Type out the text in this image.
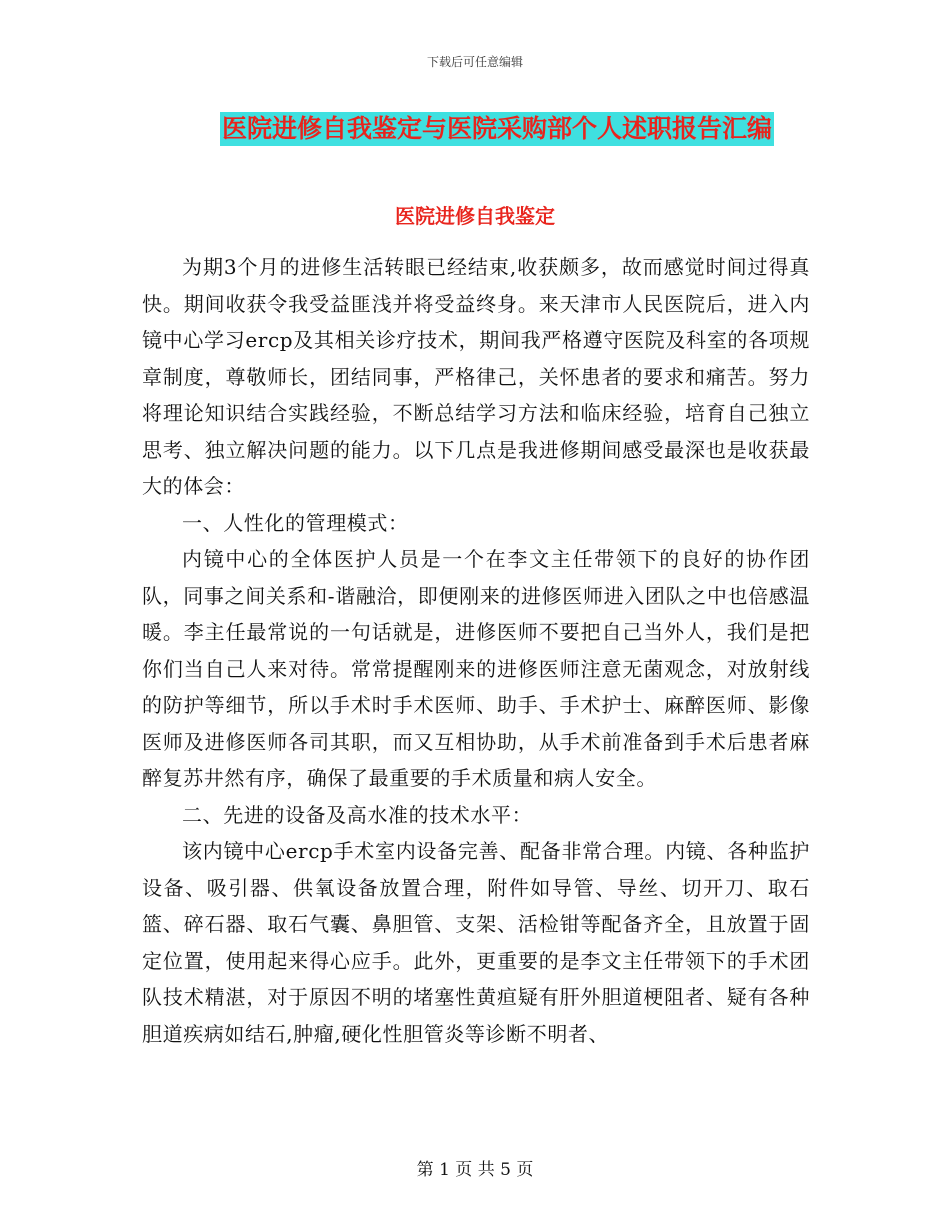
下载后可任意编辑
医院进修自我鉴定与医院采购部个人述职报告汇编
医院进修自我鉴定

为期3个月的进修生活转眼已经结束,收获颇多，故而感觉时间过得真快。期间收获令我受益匪浅并将受益终身。来天津市人民医院后，进入内镜中心学习ercp及其相关诊疗技术，期间我严格遵守医院及科室的各项规章制度，尊敬师长，团结同事，严格律己，关怀患者的要求和痛苦。努力将理论知识结合实践经验，不断总结学习方法和临床经验，培育自己独立思考、独立解决问题的能力。以下几点是我进修期间感受最深也是收获最大的体会：

一、人性化的管理模式：

内镜中心的全体医护人员是一个在李文主任带领下的良好的协作团队，同事之间关系和-谐融洽，即便刚来的进修医师进入团队之中也倍感温暖。李主任最常说的一句话就是，进修医师不要把自己当外人，我们是把你们当自己人来对待。常常提醒刚来的进修医师注意无菌观念，对放射线的防护等细节，所以手术时手术医师、助手、手术护士、麻醉医师、影像医师及进修医师各司其职，而又互相协助，从手术前准备到手术后患者麻醉复苏井然有序，确保了最重要的手术质量和病人安全。

二、先进的设备及高水准的技术水平：

该内镜中心ercp手术室内设备完善、配备非常合理。内镜、各种监护设备、吸引器、供氧设备放置合理，附件如导管、导丝、切开刀、取石篮、碎石器、取石气囊、鼻胆管、支架、活检钳等配备齐全，且放置于固定位置，使用起来得心应手。此外，更重要的是李文主任带领下的手术团队技术精湛，对于原因不明的堵塞性黄疸疑有肝外胆道梗阻者、疑有各种胆道疾病如结石,肿瘤,硬化性胆管炎等诊断不明者、

第 1 页 共 5 页
